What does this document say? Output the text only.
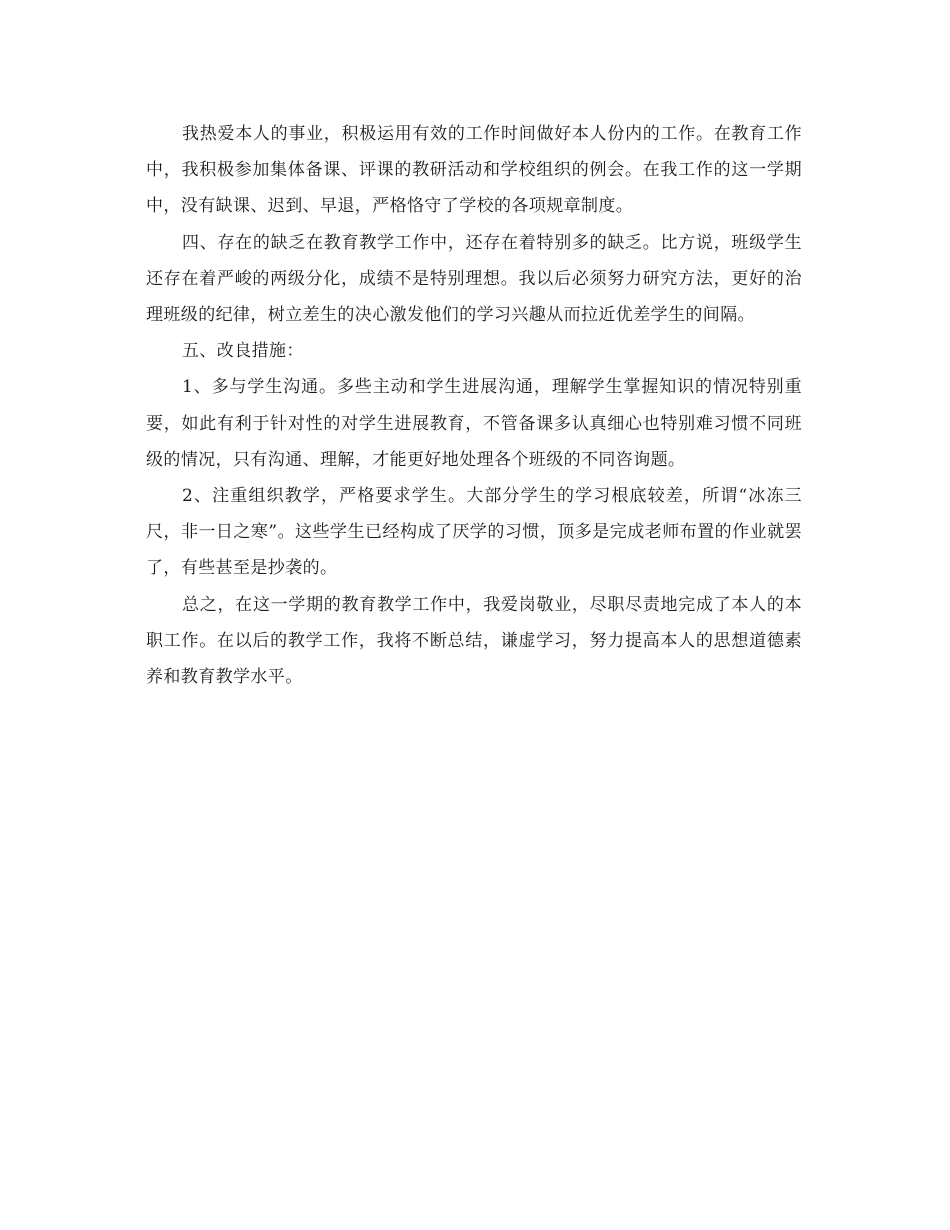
我热爱本人的事业，积极运用有效的工作时间做好本人份内的工作。在教育工作中，我积极参加集体备课、评课的教研活动和学校组织的例会。在我工作的这一学期中，没有缺课、迟到、早退，严格恪守了学校的各项规章制度。

四、存在的缺乏在教育教学工作中，还存在着特别多的缺乏。比方说，班级学生还存在着严峻的两级分化，成绩不是特别理想。我以后必须努力研究方法，更好的治理班级的纪律，树立差生的决心激发他们的学习兴趣从而拉近优差学生的间隔。

五、改良措施：

1、多与学生沟通。多些主动和学生进展沟通，理解学生掌握知识的情况特别重要，如此有利于针对性的对学生进展教育，不管备课多认真细心也特别难习惯不同班级的情况，只有沟通、理解，才能更好地处理各个班级的不同咨询题。

2、注重组织教学，严格要求学生。大部分学生的学习根底较差，所谓“冰冻三尺，非一日之寒”。这些学生已经构成了厌学的习惯，顶多是完成老师布置的作业就罢了，有些甚至是抄袭的。

总之，在这一学期的教育教学工作中，我爱岗敬业，尽职尽责地完成了本人的本职工作。在以后的教学工作，我将不断总结，谦虚学习，努力提高本人的思想道德素养和教育教学水平。
